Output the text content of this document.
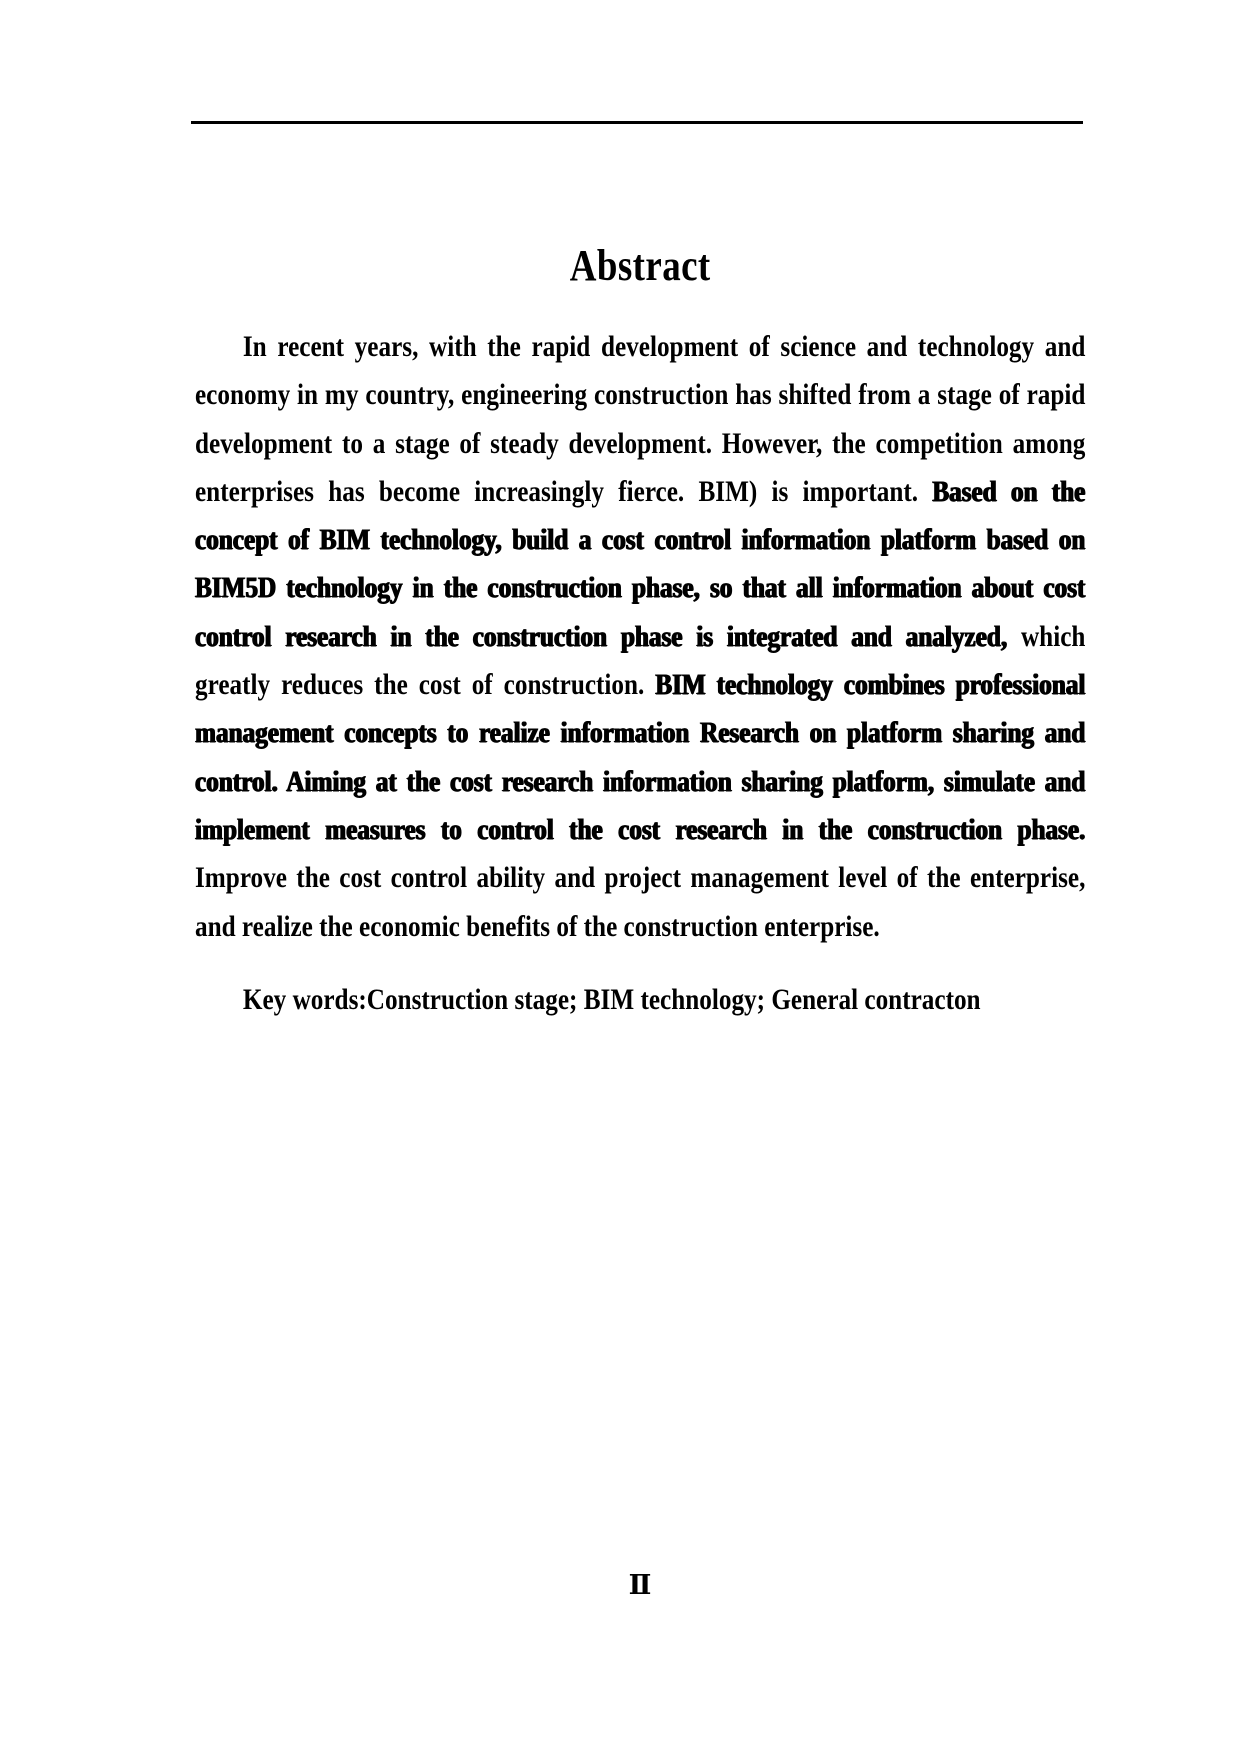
Abstract
In recent years, with the rapid development of science and technology and
economy in my country, engineering construction has shifted from a stage of rapid
development to a stage of steady development. However, the competition among
enterprises has become increasingly fierce. BIM) is important. Based on the
concept of BIM technology, build a cost control information platform based on
BIM5D technology in the construction phase, so that all information about cost
control research in the construction phase is integrated and analyzed, which
greatly reduces the cost of construction. BIM technology combines professional
management concepts to realize information Research on platform sharing and
control. Aiming at the cost research information sharing platform, simulate and
implement measures to control the cost research in the construction phase.
Improve the cost control ability and project management level of the enterprise,
and realize the economic benefits of the construction enterprise.

Key words:Construction stage; BIM technology; General contracton

Ⅱ
